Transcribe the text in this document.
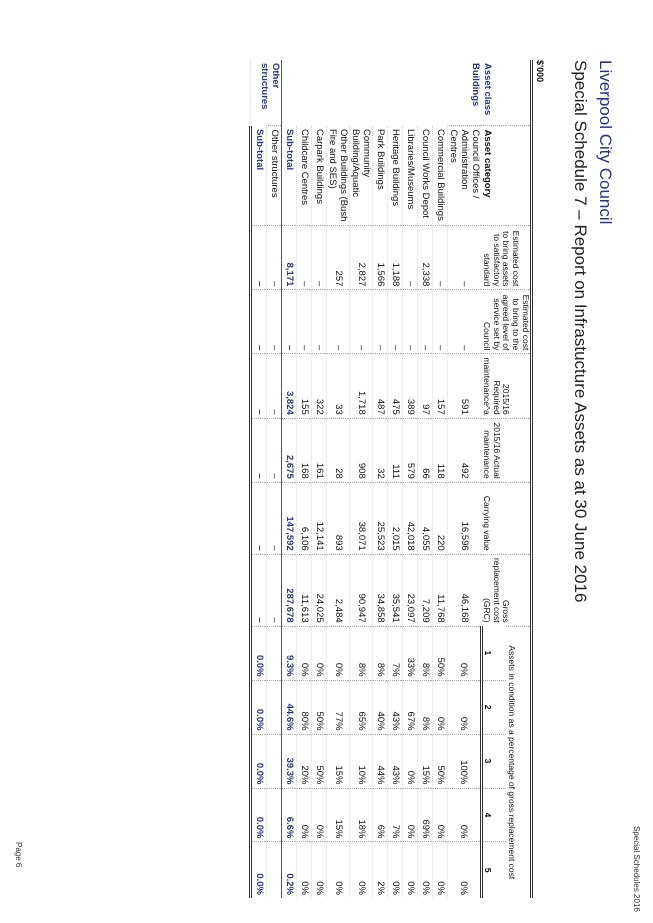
Special Schedules 2016
Liverpool City Council
Special Schedule 7 – Report on Infrastucture Assets as at 30 June 2016
$'000
Asset class	Asset category	Estimated cost to bring assets to satisfactory standard	Estimated cost to bring to the agreed level of service set by Council	2015/16 Required maintenance^a	2015/16 Actual maintenance	Carrying value	Gross replacement cost (GRC)	Assets in condition as a percentage of gross replacement cost				
								1	2	3	4	5
Buildings	Council Offices / Administration Centres	–	–	591	492	16,596	46,168	0%	0%	100%	0%	0%
	Commercial Buildings	–	–	157	118	220	11,768	50%	0%	50%	0%	0%
	Council Works Depot	2,338	–	97	66	4,055	7,209	8%	8%	15%	69%	0%
	Libraries/Museums	–	–	389	579	42,018	23,097	33%	67%	0%	0%	0%
	Heritage Buildings	1,188	–	475	111	2,015	35,541	7%	43%	43%	7%	0%
	Park Buildings	1,566	–	487	32	25,523	34,858	8%	40%	44%	6%	2%
	Community Building/Aquatic	2,827	–	1,718	908	38,071	90,947	8%	65%	10%	18%	0%
	Other Buildings (Bush Fire and SES)	257	–	33	28	893	2,484	0%	77%	15%	15%	0%
	Carpark Buildings	–	–	322	161	12,141	24,025	0%	50%	50%	0%	0%
	Childcare Centres	–	–	155	168	6,106	11,613	0%	80%	20%	0%	0%
	Sub-total	8,171	–	3,824	2,675	147,592	287,678	9.3%	44.6%	39.3%	6.6%	0.2%
Other structures	Other structures	–	–	–	–	–	–					
	Sub-total	–	–	–	–	–	–	0.0%	0.0%	0.0%	0.0%	0.0%
Page 6
